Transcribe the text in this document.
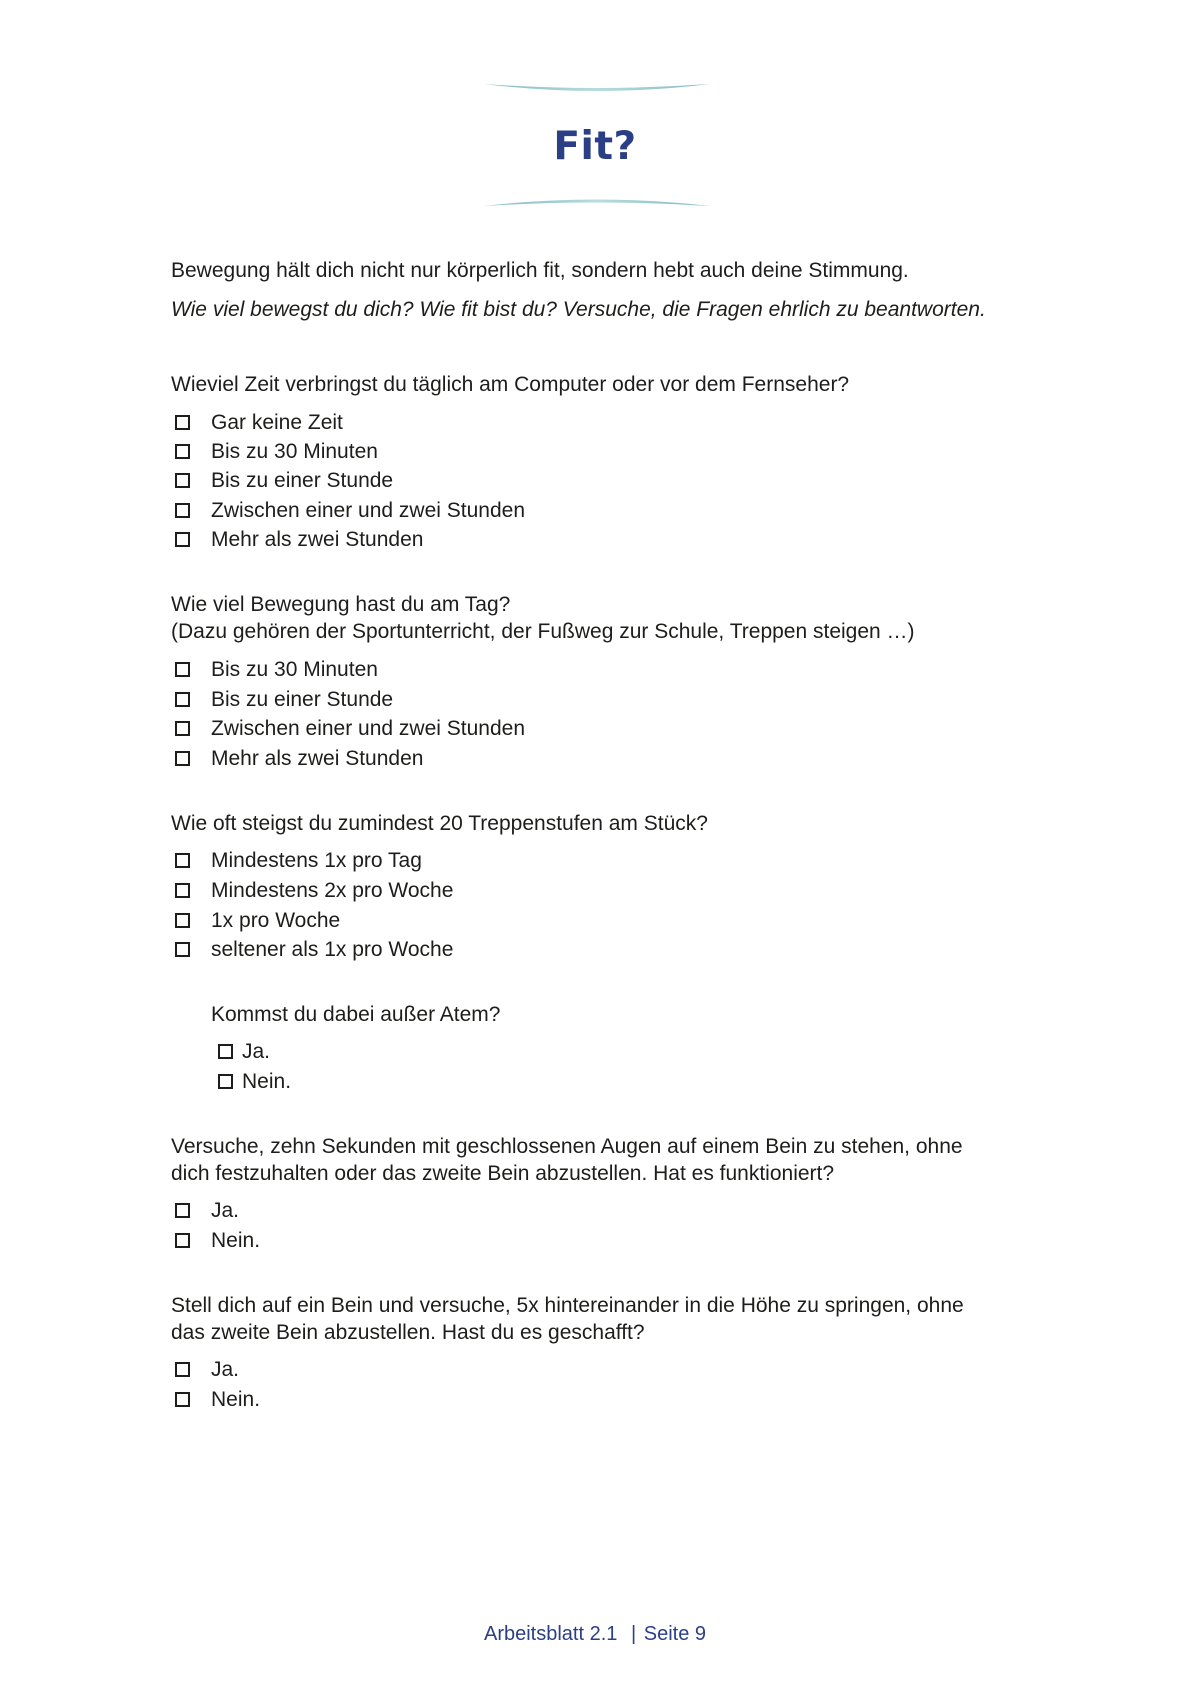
Fit?
Bewegung hält dich nicht nur körperlich fit, sondern hebt auch deine Stimmung.
Wie viel bewegst du dich? Wie fit bist du? Versuche, die Fragen ehrlich zu beantworten.
Wieviel Zeit verbringst du täglich am Computer oder vor dem Fernseher?
Gar keine Zeit
Bis zu 30 Minuten
Bis zu einer Stunde
Zwischen einer und zwei Stunden
Mehr als zwei Stunden
Wie viel Bewegung hast du am Tag?
(Dazu gehören der Sportunterricht, der Fußweg zur Schule, Treppen steigen …)
Bis zu 30 Minuten
Bis zu einer Stunde
Zwischen einer und zwei Stunden
Mehr als zwei Stunden
Wie oft steigst du zumindest 20 Treppenstufen am Stück?
Mindestens 1x pro Tag
Mindestens 2x pro Woche
1x pro Woche
seltener als 1x pro Woche
Kommst du dabei außer Atem?
Ja.
Nein.
Versuche, zehn Sekunden mit geschlossenen Augen auf einem Bein zu stehen, ohne
dich festzuhalten oder das zweite Bein abzustellen. Hat es funktioniert?
Ja.
Nein.
Stell dich auf ein Bein und versuche, 5x hintereinander in die Höhe zu springen, ohne
das zweite Bein abzustellen. Hast du es geschafft?
Ja.
Nein.
Arbeitsblatt 2.1 | Seite 9
